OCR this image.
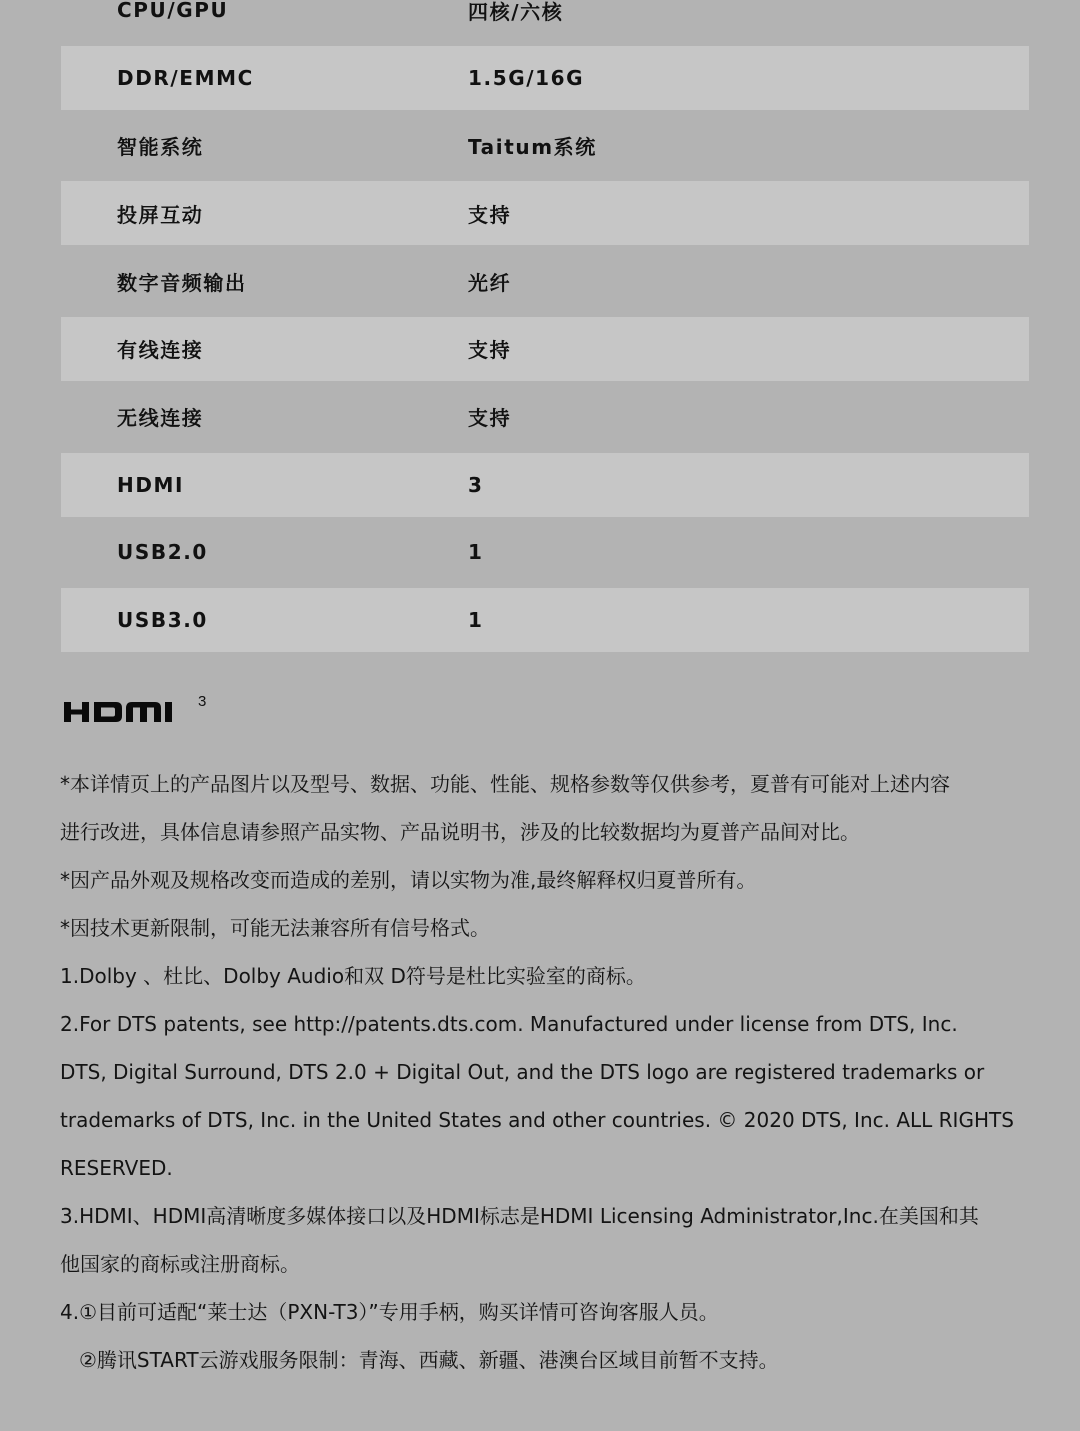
CPU/GPU	四核/六核
DDR/EMMC	1.5G/16G
智能系统	Taitum系统
投屏互动	支持
数字音频输出	光纤
有线连接	支持
无线连接	支持
HDMI	3
USB2.0	1
USB3.0	1
3

*本详情页上的产品图片以及型号、数据、功能、性能、规格参数等仅供参考，夏普有可能对上述内容

进行改进，具体信息请参照产品实物、产品说明书，涉及的比较数据均为夏普产品间对比。

*因产品外观及规格改变而造成的差别，请以实物为准,最终解释权归夏普所有。

*因技术更新限制，可能无法兼容所有信号格式。

1.Dolby 、杜比、Dolby Audio和双 D符号是杜比实验室的商标。

2.For DTS patents, see http://patents.dts.com. Manufactured under license from DTS, Inc.

DTS, Digital Surround, DTS 2.0 + Digital Out, and the DTS logo are registered trademarks or

trademarks of DTS, Inc. in the United States and other countries. © 2020 DTS, Inc. ALL RIGHTS

RESERVED.

3.HDMI、HDMI高清晰度多媒体接口以及HDMI标志是HDMI Licensing Administrator,Inc.在美国和其

他国家的商标或注册商标。

4.①目前可适配“莱士达（PXN-T3）”专用手柄，购买详情可咨询客服人员。

②腾讯START云游戏服务限制：青海、西藏、新疆、港澳台区域目前暂不支持。
